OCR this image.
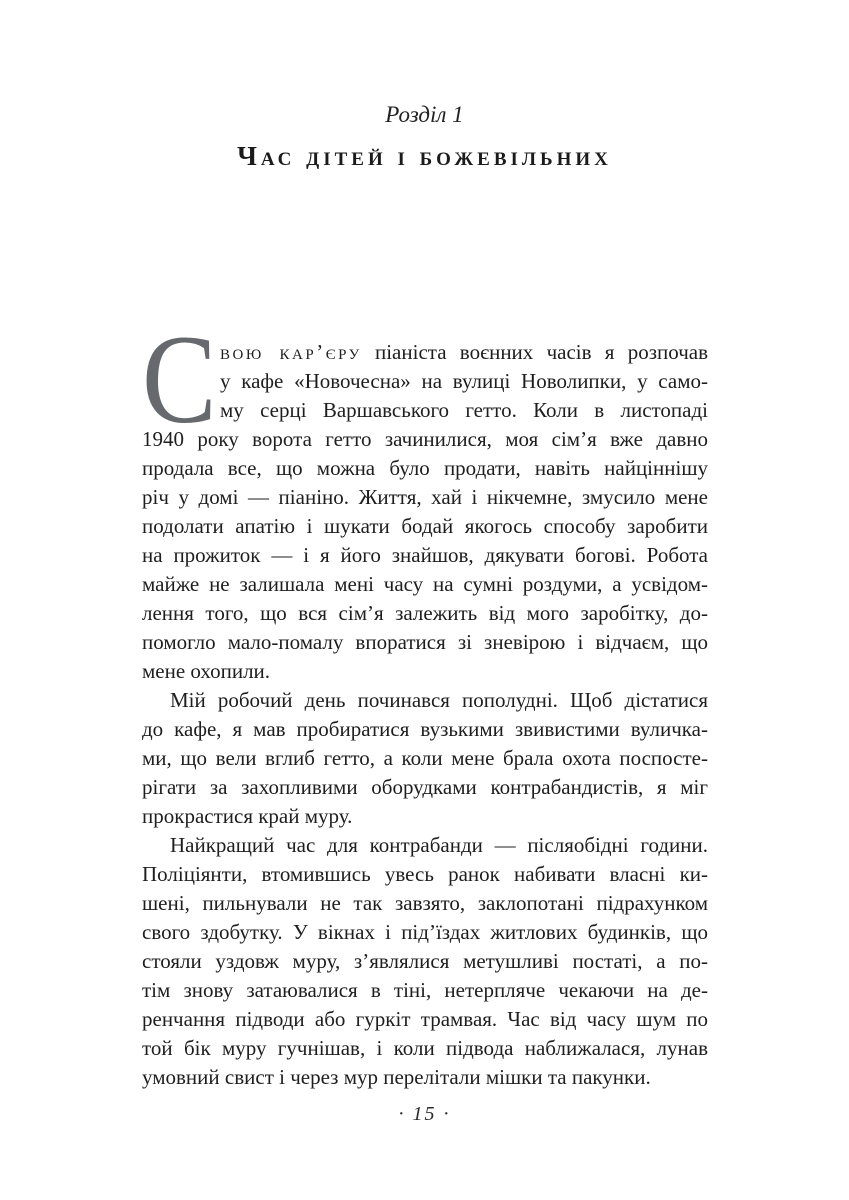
Розділ 1
Час дітей і божевільних
С вою кар’єру піаніста воєнних часів я розпочав
у кафе «Новочесна» на вулиці Новолипки, у само-
му серці Варшавського гетто. Коли в листопаді
1940 року ворота гетто зачинилися, моя сім’я вже давно
продала все, що можна було продати, навіть найціннішу
річ у домі — піаніно. Життя, хай і нікчемне, змусило мене
подолати апатію і шукати бодай якогось способу заробити
на прожиток — і я його знайшов, дякувати богові. Робота
майже не залишала мені часу на сумні роздуми, а усвідом-
лення того, що вся сім’я залежить від мого заробітку, до-
помогло мало-помалу впоратися зі зневірою і відчаєм, що
мене охопили.
Мій робочий день починався пополудні. Щоб дістатися
до кафе, я мав пробиратися вузькими звивистими вуличка-
ми, що вели вглиб гетто, а коли мене брала охота поспосте-
рігати за захопливими оборудками контрабандистів, я міг
прокрастися край муру.
Найкращий час для контрабанди — післяобідні години.
Поліціянти, втомившись увесь ранок набивати власні ки-
шені, пильнували не так завзято, заклопотані підрахунком
свого здобутку. У вікнах і під’їздах житлових будинків, що
стояли уздовж муру, з’являлися метушливі постаті, а по-
тім знову затаювалися в тіні, нетерпляче чекаючи на де-
ренчання підводи або гуркіт трамвая. Час від часу шум по
той бік муру гучнішав, і коли підвода наближалася, лунав
умовний свист і через мур перелітали мішки та пакунки.
· 15 ·
